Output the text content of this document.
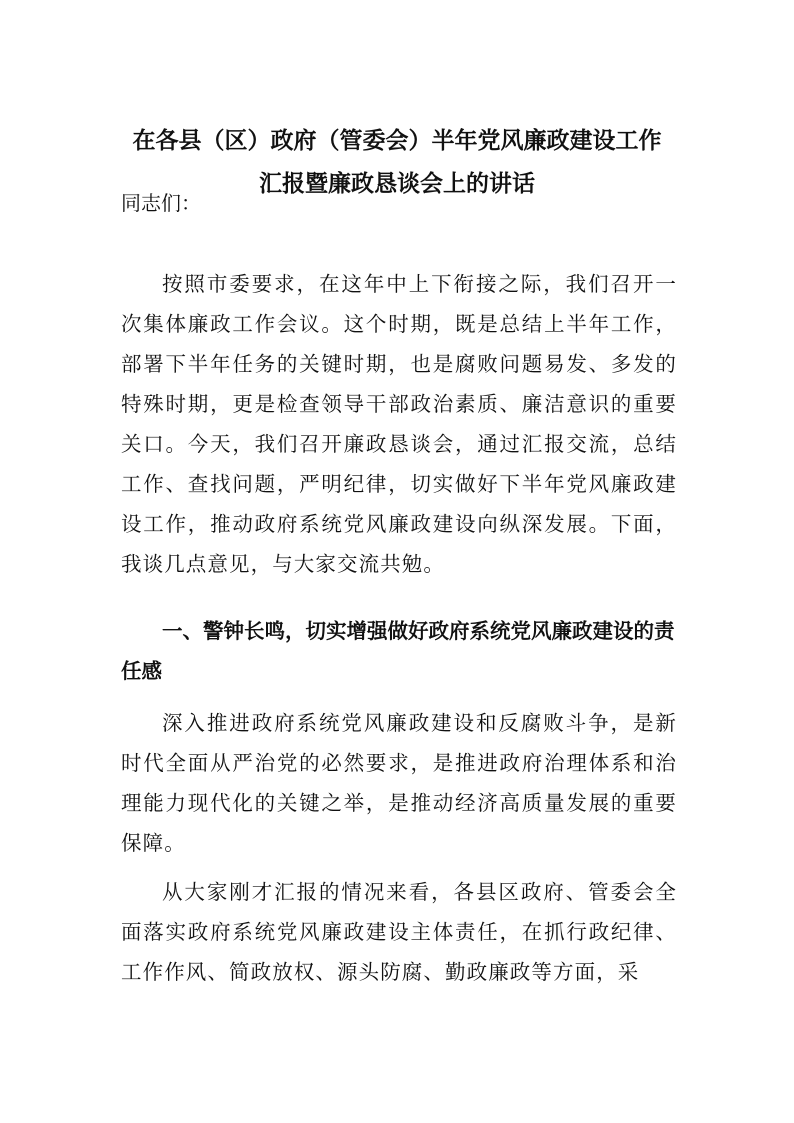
在各县（区）政府（管委会）半年党风廉政建设工作
汇报暨廉政恳谈会上的讲话
同志们：

按照市委要求，在这年中上下衔接之际，我们召开一次集体廉政工作会议。这个时期，既是总结上半年工作，部署下半年任务的关键时期，也是腐败问题易发、多发的特殊时期，更是检查领导干部政治素质、廉洁意识的重要关口。今天，我们召开廉政恳谈会，通过汇报交流，总结工作、查找问题，严明纪律，切实做好下半年党风廉政建设工作，推动政府系统党风廉政建设向纵深发展。下面，我谈几点意见，与大家交流共勉。

一、警钟长鸣，切实增强做好政府系统党风廉政建设的责任感

深入推进政府系统党风廉政建设和反腐败斗争，是新时代全面从严治党的必然要求，是推进政府治理体系和治理能力现代化的关键之举，是推动经济高质量发展的重要保障。

从大家刚才汇报的情况来看，各县区政府、管委会全面落实政府系统党风廉政建设主体责任，在抓行政纪律、工作作风、简政放权、源头防腐、勤政廉政等方面，采
